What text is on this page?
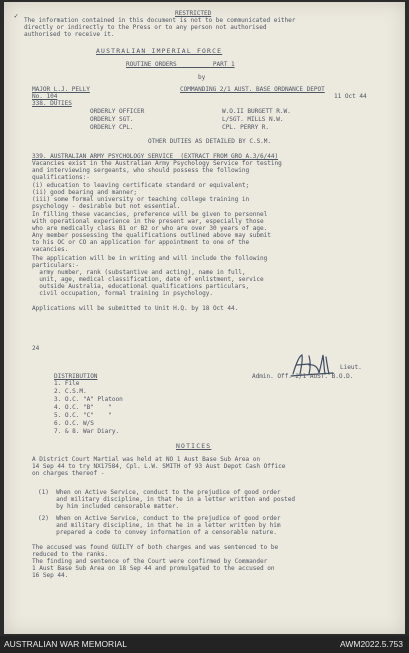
✓	RESTRICTED
The information contained in this document is not to be communicated either
directly or indirectly to the Press or to any person not authorised
authorised to receive it.
AUSTRALIAN IMPERIAL FORCE
ROUTINE ORDERS          PART 1
by
MAJOR L.J. PELLY	COMMANDING 2/1 AUST. BASE ORDNANCE DEPOT
No. 104	11 Oct 44
338. DUTIES
ORDERLY OFFICER	W.O.II BURGETT R.W.
ORDERLY SGT.	L/SGT. MILLS N.W.
ORDERLY CPL.	CPL. PERRY R.
OTHER DUTIES AS DETAILED BY C.S.M.
339. AUSTRALIAN ARMY PSYCHOLOGY SERVICE  (EXTRACT FROM GRO A.3/6/44)
Vacancies exist in the Australian Army Psychology Service for testing
and interviewing sergeants, who should possess the following
qualifications:-
(i) education to leaving certificate standard or equivalent;
(ii) good bearing and manner;
(iii) some formal university or teaching college training in
psychology - desirable but not essential.
In filling these vacancies, preference will be given to personnel
with operational experience in the present war, especially those
who are medically class B1 or B2 or who are over 30 years of age.
Any member possessing the qualifications outlined above may submit
to his OC or CO an application for appointment to one of the
vacancies.
The application will be in writing and will include the following
particulars:-
army number, rank (substantive and acting), name in full,
unit, age, medical classification, date of enlistment, service
outside Australia, educational qualifications particulars,
civil occupation, formal training in psychology.
Applications will be submitted to Unit H.Q. by 18 Oct 44.
24
Lieut.
Admin. Off. 2/1 AUST. B.O.D.
DISTRIBUTION
1. File
2. C.S.M.
3. O.C. "A" Platoon
4. O.C. "B"    "
5. O.C. "C"    "
6. O.C. W/S
7. & 8. War Diary.
NOTICES
A District Court Martial was held at NO 1 Aust Base Sub Area on
14 Sep 44 to try NX17584, Cpl. L.W. SMITH of 93 Aust Depot Cash Office
on charges thereof -
(1)  When on Active Service, conduct to the prejudice of good order
and military discipline, in that he in a letter written and posted
by him included censorable matter.
(2)  When on Active Service, conduct to the prejudice of good order
and military discipline, in that he in a letter written by him
prepared a code to convey information of a censorable nature.
The accused was found GUILTY of both charges and was sentenced to be
reduced to the ranks.
The finding and sentence of the Court were confirmed by Commander
1 Aust Base Sub Area on 18 Sep 44 and promulgated to the accused on
16 Sep 44.
AUSTRALIAN WAR MEMORIAL	AWM2022.5.753
